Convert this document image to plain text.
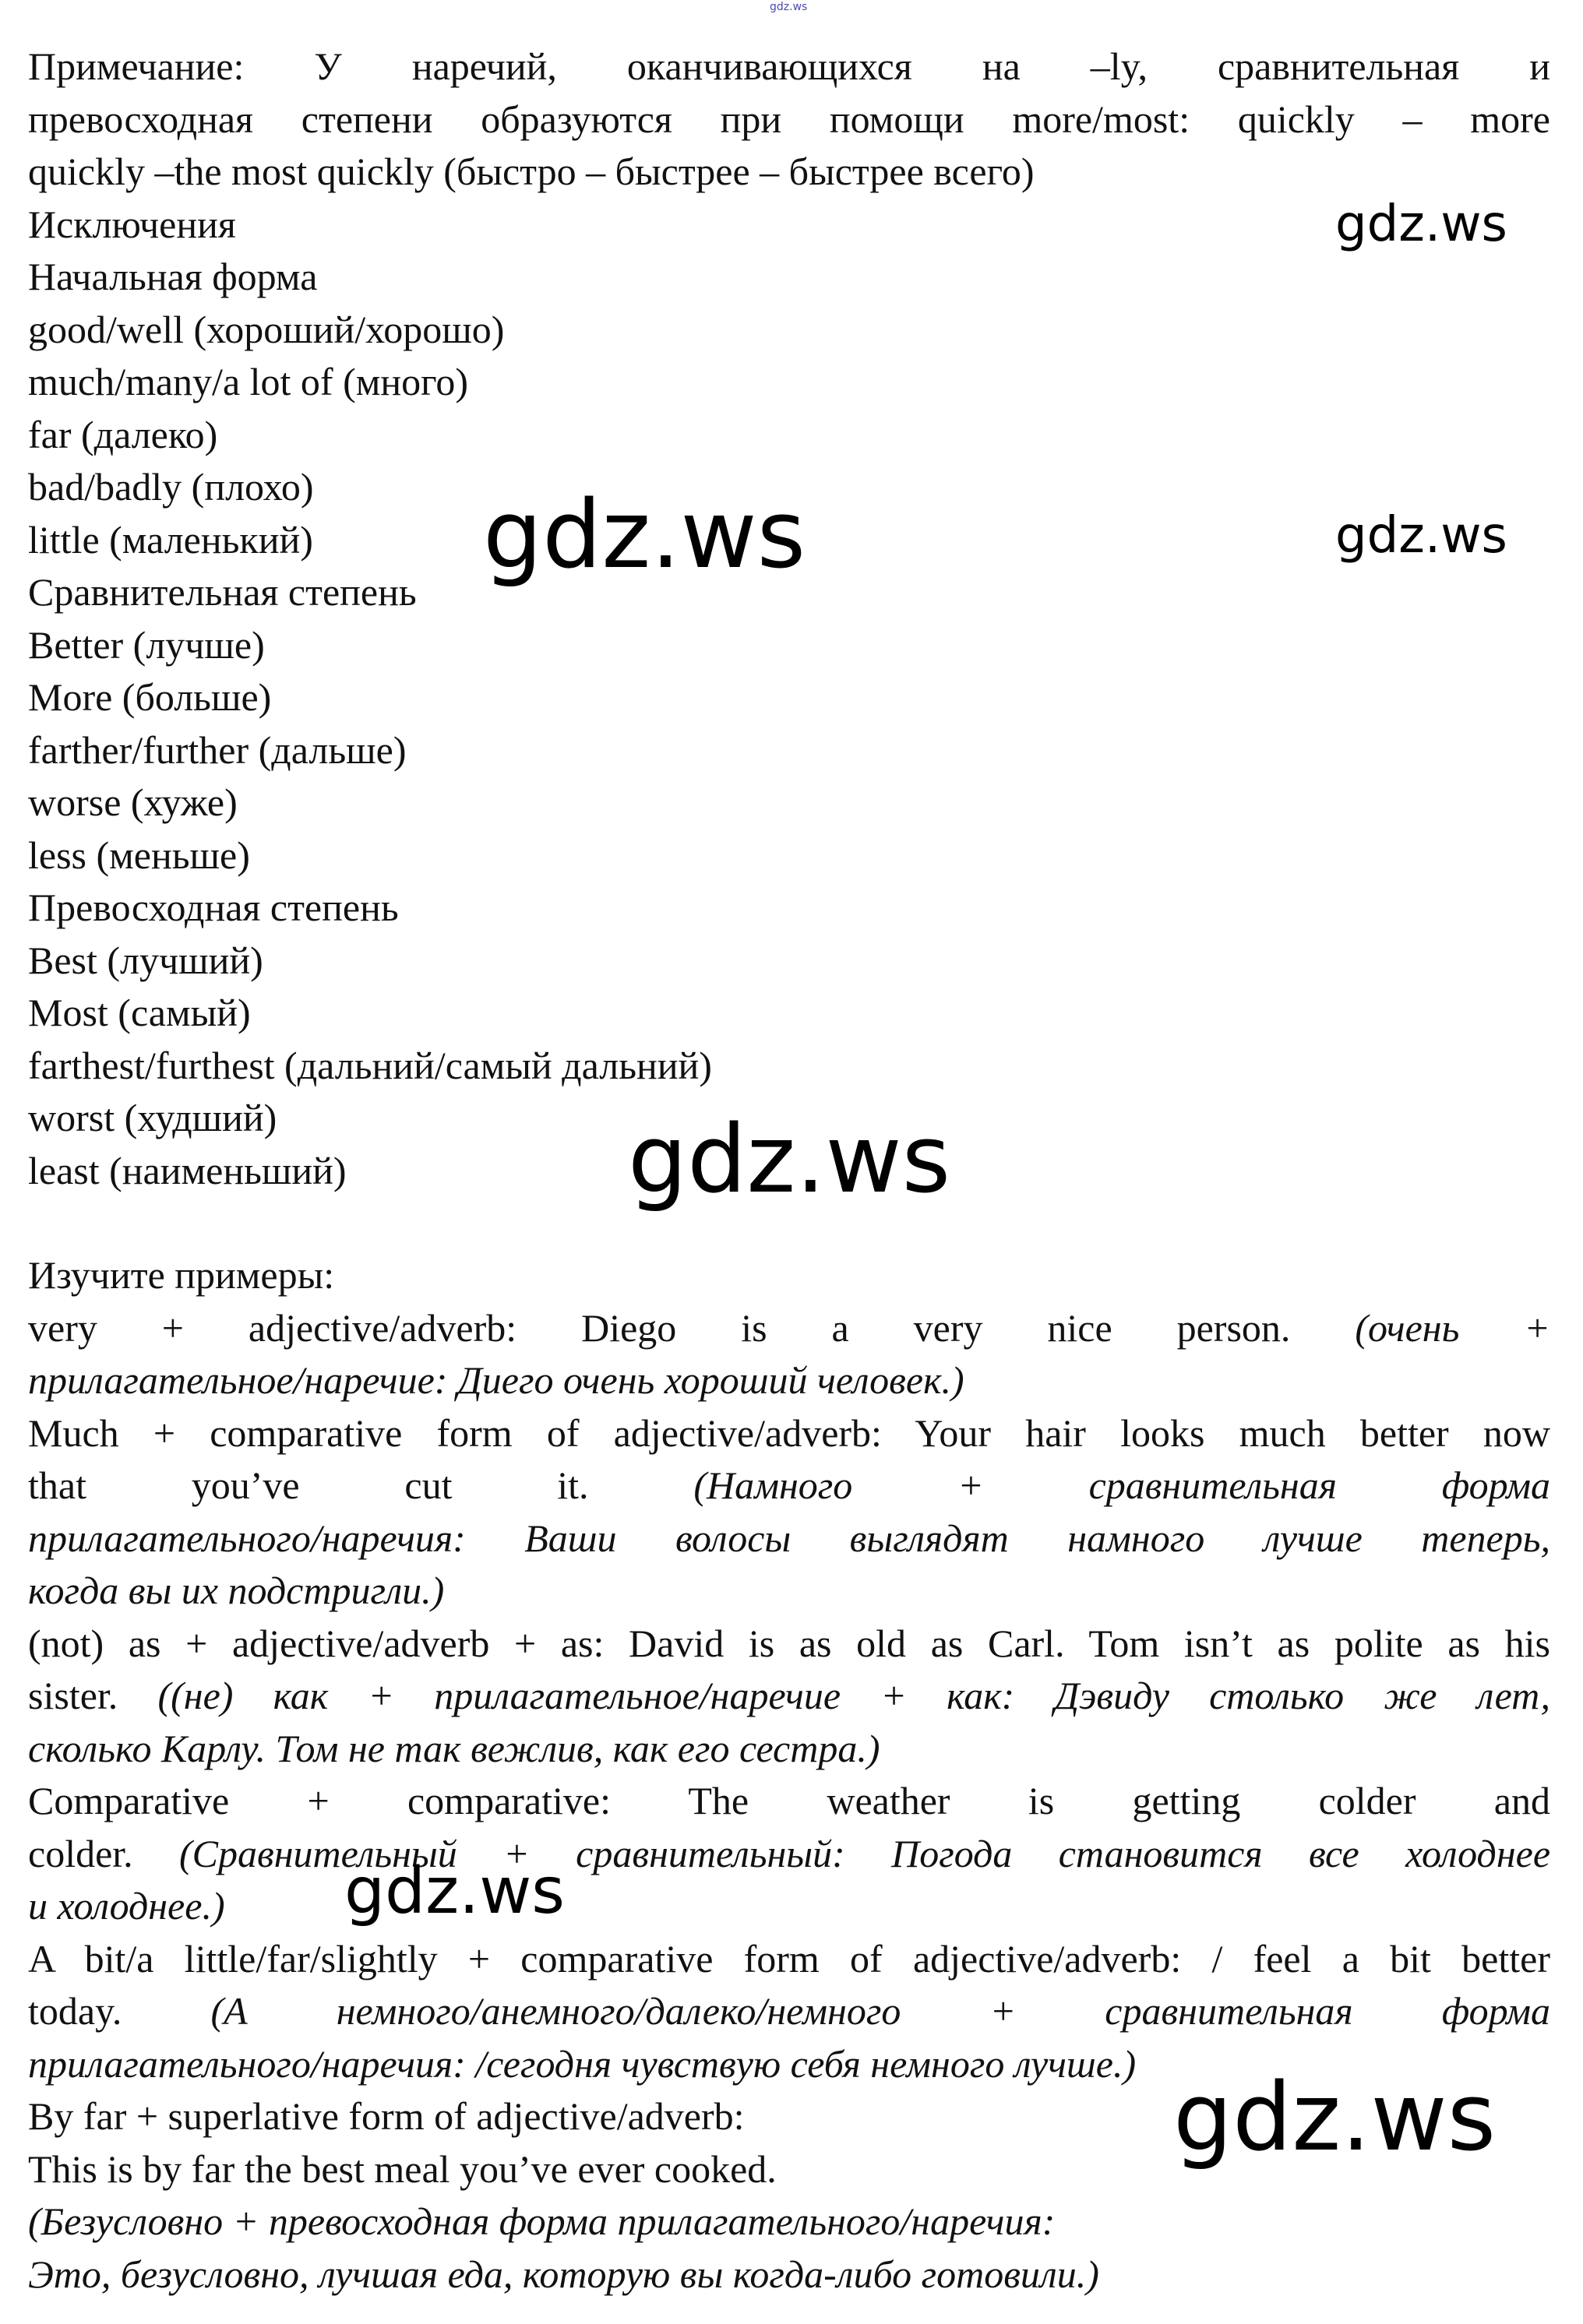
gdz.ws
Примечание: У наречий, оканчивающихся на –ly, сравнительная и
превосходная степени образуются при помощи more/most: quickly – more
quickly –the most quickly (быстро – быстрее – быстрее всего)
Исключения
Начальная форма
good/well (хороший/хорошо)
much/many/a lot of (много)
far (далеко)
bad/badly (плохо)
little (маленький)
Сравнительная степень
Better (лучше)
More (больше)
farther/further (дальше)
worse (хуже)
less (меньше)
Превосходная степень
Best (лучший)
Most (самый)
farthest/furthest (дальний/самый дальний)
worst (худший)
least (наименьший)
Изучите примеры:
very + adjective/adverb: Diego is a very nice person. (очень +
прилагательное/наречие: Диего очень хороший человек.)
Much + comparative form of adjective/adverb: Your hair looks much better now
that you’ve cut it.	(Намного + сравнительная форма
прилагательного/наречия: Ваши волосы выглядят намного лучше теперь,
когда вы их подстригли.)
(not) as + adjective/adverb + as: David is as old as Carl. Tom isn’t as polite as his
sister. ((не) как + прилагательное/наречие + как: Дэвиду столько же лет,
сколько Карлу. Том не так вежлив, как его сестра.)
Comparative + comparative: The weather is getting colder and
colder. (Сравнительный + сравнительный: Погода становится все холоднее
и холоднее.)
A bit/a little/far/slightly + comparative form of adjective/adverb: / feel a bit better
today. (А немного/анемного/далеко/немного + сравнительная форма
прилагательного/наречия: /сегодня чувствую себя немного лучше.)
By far + superlative form of adjective/adverb:
This is by far the best meal you’ve ever cooked.
(Безусловно + превосходная форма прилагательного/наречия:
Это, безусловно, лучшая еда, которую вы когда-либо готовили.)
gdz.ws
gdz.ws	gdz.ws
gdz.ws
gdz.ws
gdz.ws
